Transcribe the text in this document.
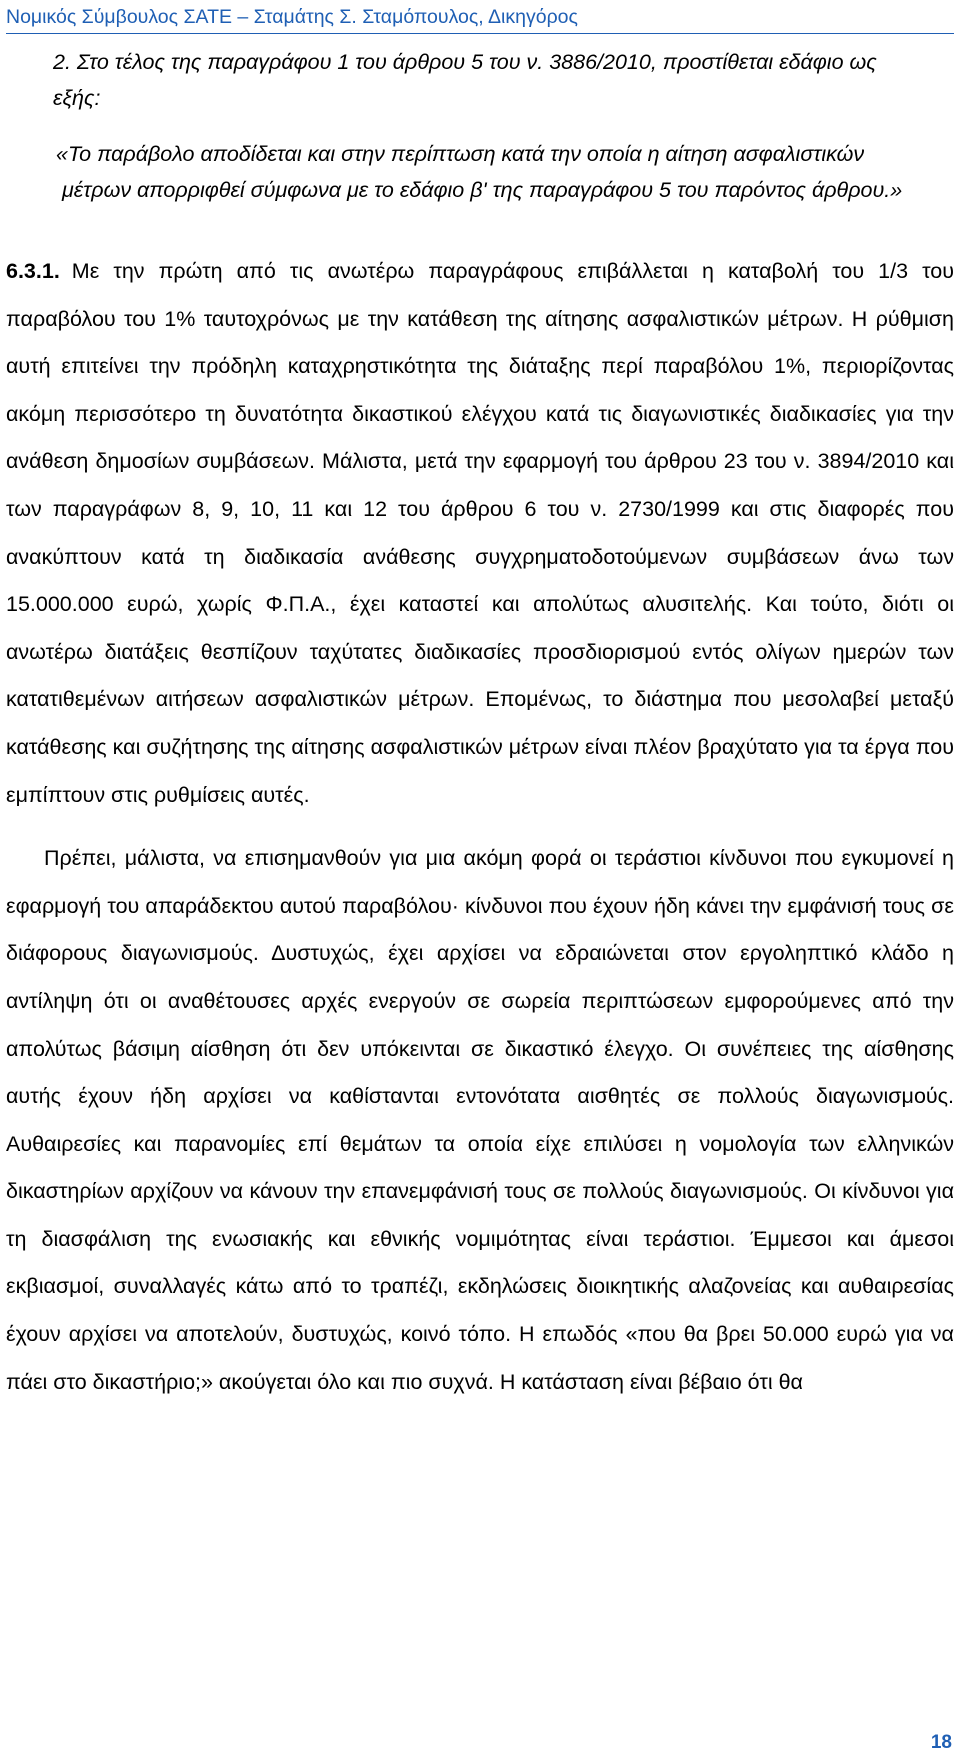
Νομικός Σύμβουλος ΣΑΤΕ – Σταμάτης Σ. Σταμόπουλος, Δικηγόρος
2. Στο τέλος της παραγράφου 1 του άρθρου 5 του ν. 3886/2010, προστίθεται εδάφιο ως
εξής:
«Το παράβολο αποδίδεται και στην περίπτωση κατά την οποία η αίτηση ασφαλιστικών
μέτρων απορριφθεί σύμφωνα με το εδάφιο β' της παραγράφου 5 του παρόντος άρθρου.»

6.3.1. Με την πρώτη από τις ανωτέρω παραγράφους επιβάλλεται η καταβολή του 1/3 του παραβόλου του 1% ταυτοχρόνως με την κατάθεση της αίτησης ασφαλιστικών μέτρων. Η ρύθμιση αυτή επιτείνει την πρόδηλη καταχρηστικότητα της διάταξης περί παραβόλου 1%, περιορίζοντας ακόμη περισσότερο τη δυνατότητα δικαστικού ελέγχου κατά τις διαγωνιστικές διαδικασίες για την ανάθεση δημοσίων συμβάσεων. Μάλιστα, μετά την εφαρμογή του άρθρου 23 του ν. 3894/2010 και των παραγράφων 8, 9, 10, 11 και 12 του άρθρου 6 του ν. 2730/1999 και στις διαφορές που ανακύπτουν κατά τη διαδικασία ανάθεσης συγχρηματοδοτούμενων συμβάσεων άνω των 15.000.000 ευρώ, χωρίς Φ.Π.Α., έχει καταστεί και απολύτως αλυσιτελής. Και τούτο, διότι οι ανωτέρω διατάξεις θεσπίζουν ταχύτατες διαδικασίες προσδιορισμού εντός ολίγων ημερών των κατατιθεμένων αιτήσεων ασφαλιστικών μέτρων. Επομένως, το διάστημα που μεσολαβεί μεταξύ κατάθεσης και συζήτησης της αίτησης ασφαλιστικών μέτρων είναι πλέον βραχύτατο για τα έργα που εμπίπτουν στις ρυθμίσεις αυτές.

Πρέπει, μάλιστα, να επισημανθούν για μια ακόμη φορά οι τεράστιοι κίνδυνοι που εγκυμονεί η εφαρμογή του απαράδεκτου αυτού παραβόλου· κίνδυνοι που έχουν ήδη κάνει την εμφάνισή τους σε διάφορους διαγωνισμούς. Δυστυχώς, έχει αρχίσει να εδραιώνεται στον εργοληπτικό κλάδο η αντίληψη ότι οι αναθέτουσες αρχές ενεργούν σε σωρεία περιπτώσεων εμφορούμενες από την απολύτως βάσιμη αίσθηση ότι δεν υπόκεινται σε δικαστικό έλεγχο. Οι συνέπειες της αίσθησης αυτής έχουν ήδη αρχίσει να καθίστανται εντονότατα αισθητές σε πολλούς διαγωνισμούς. Αυθαιρεσίες και παρανομίες επί θεμάτων τα οποία είχε επιλύσει η νομολογία των ελληνικών δικαστηρίων αρχίζουν να κάνουν την επανεμφάνισή τους σε πολλούς διαγωνισμούς. Οι κίνδυνοι για τη διασφάλιση της ενωσιακής και εθνικής νομιμότητας είναι τεράστιοι. Έμμεσοι και άμεσοι εκβιασμοί, συναλλαγές κάτω από το τραπέζι, εκδηλώσεις διοικητικής αλαζονείας και αυθαιρεσίας έχουν αρχίσει να αποτελούν, δυστυχώς, κοινό τόπο. Η επωδός «που θα βρει 50.000 ευρώ για να πάει στο δικαστήριο;» ακούγεται όλο και πιο συχνά. Η κατάσταση είναι βέβαιο ότι θα

18
